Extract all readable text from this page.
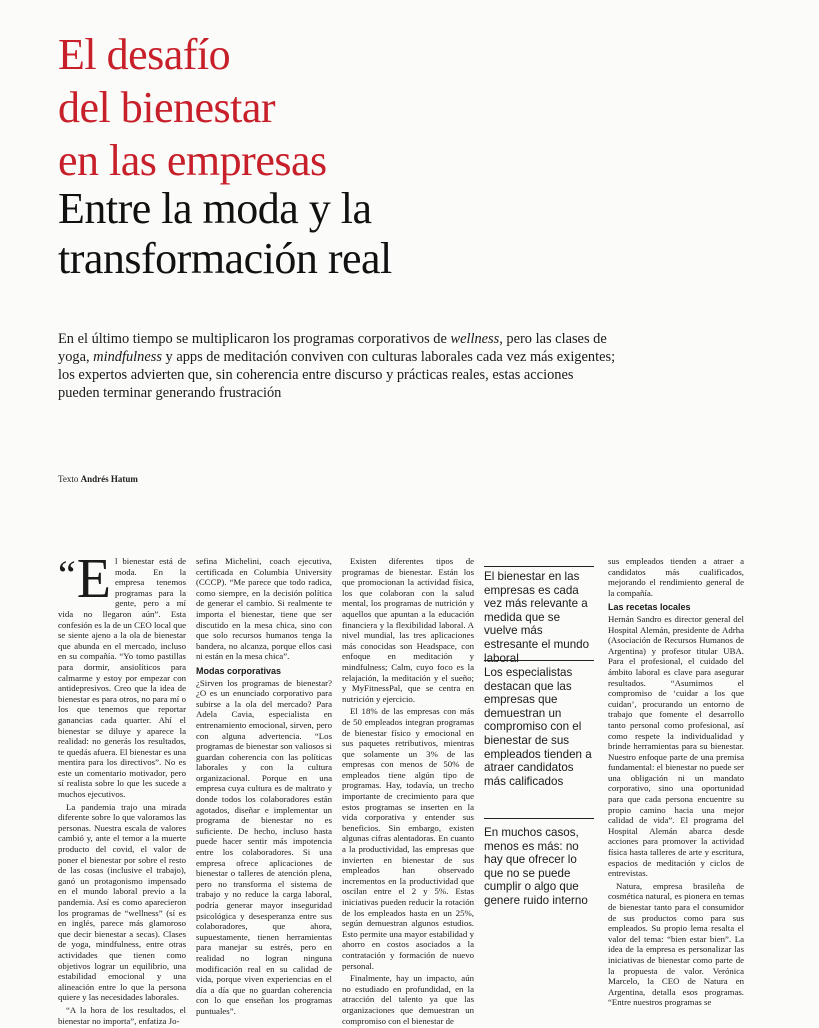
El desafío
del bienestar
en las empresas
Entre la moda y la
transformación real

En el último tiempo se multiplicaron los programas corporativos de wellness, pero las clases de yoga, mindfulness y apps de meditación conviven con culturas laborales cada vez más exigentes; los expertos advierten que, sin coherencia entre discurso y prácticas reales, estas acciones pueden terminar generando frustración

Texto Andrés Hatum

“ E l bienestar está de moda. En la empresa tenemos programas para la gente, pero a mí vida no llegaron aún”. Esta confesión es la de un CEO local que se siente ajeno a la ola de bienestar que abunda en el mercado, incluso en su compañía. “Yo tomo pastillas para dormir, ansiolíticos para calmarme y estoy por empezar con antidepresivos. Creo que la idea de bienestar es para otros, no para mí o los que tenemos que reportar ganancias cada quarter. Ahí el bienestar se diluye y aparece la realidad: no generás los resultados, te quedás afuera. El bienestar es una mentira para los directivos”. No es este un comentario motivador, pero sí realista sobre lo que les sucede a muchos ejecutivos.

La pandemia trajo una mirada diferente sobre lo que valoramos las personas. Nuestra escala de valores cambió y, ante el temor a la muerte producto del covid, el valor de poner el bienestar por sobre el resto de las cosas (inclusive el trabajo), ganó un protagonismo impensado en el mundo laboral previo a la pandemia. Así es como aparecieron los programas de “wellness” (sí es en inglés, parece más glamoroso que decir bienestar a secas). Clases de yoga, mindfulness, entre otras actividades que tienen como objetivos lograr un equilibrio, una estabilidad emocional y una alineación entre lo que la persona quiere y las necesidades laborales.

“A la hora de los resultados, el bienestar no importa”, enfatiza Jo-

sefina Michelini, coach ejecutiva, certificada en Columbia University (CCCP). “Me parece que todo radica, como siempre, en la decisión política de generar el cambio. Si realmente te importa el bienestar, tiene que ser discutido en la mesa chica, sino con que solo recursos humanos tenga la bandera, no alcanza, porque ellos casi ni están en la mesa chica”.

Modas corporativas

¿Sirven los programas de bienestar? ¿O es un enunciado corporativo para subirse a la ola del mercado? Para Adela Cavia, especialista en entrenamiento emocional, sirven, pero con alguna advertencia. “Los programas de bienestar son valiosos si guardan coherencia con las políticas laborales y con la cultura organizacional. Porque en una empresa cuya cultura es de maltrato y donde todos los colaboradores están agotados, diseñar e implementar un programa de bienestar no es suficiente. De hecho, incluso hasta puede hacer sentir más impotencia entre los colaboradores. Si una empresa ofrece aplicaciones de bienestar o talleres de atención plena, pero no transforma el sistema de trabajo y no reduce la carga laboral, podría generar mayor inseguridad psicológica y desesperanza entre sus colaboradores, que ahora, supuestamente, tienen herramientas para manejar su estrés, pero en realidad no logran ninguna modificación real en su calidad de vida, porque viven experiencias en el día a día que no guardan coherencia con lo que enseñan los programas puntuales”.

Existen diferentes tipos de programas de bienestar. Están los que promocionan la actividad física, los que colaboran con la salud mental, los programas de nutrición y aquellos que apuntan a la educación financiera y la flexibilidad laboral. A nivel mundial, las tres aplicaciones más conocidas son Headspace, con enfoque en meditación y mindfulness; Calm, cuyo foco es la relajación, la meditación y el sueño; y MyFitnessPal, que se centra en nutrición y ejercicio.

El 18% de las empresas con más de 50 empleados integran programas de bienestar físico y emocional en sus paquetes retributivos, mientras que solamente un 3% de las empresas con menos de 50% de empleados tiene algún tipo de programas. Hay, todavía, un trecho importante de crecimiento para que estos programas se inserten en la vida corporativa y entender sus beneficios. Sin embargo, existen algunas cifras alentadoras. En cuanto a la productividad, las empresas que invierten en bienestar de sus empleados han observado incrementos en la productividad que oscilan entre el 2 y 5%. Estas iniciativas pueden reducir la rotación de los empleados hasta en un 25%, según demuestran algunos estudios. Esto permite una mayor estabilidad y ahorro en costos asociados a la contratación y formación de nuevo personal.

Finalmente, hay un impacto, aún no estudiado en profundidad, en la atracción del talento ya que las organizaciones que demuestran un compromiso con el bienestar de

El bienestar en las empresas es cada vez más relevante a medida que se vuelve más estresante el mundo laboral

Los especialistas destacan que las empresas que demuestran un compromiso con el bienestar de sus empleados tienden a atraer candidatos más calificados

En muchos casos, menos es más: no hay que ofrecer lo que no se puede cumplir o algo que genere ruido interno

sus empleados tienden a atraer a candidatos más cualificados, mejorando el rendimiento general de la compañía.

Las recetas locales

Hernán Sandro es director general del Hospital Alemán, presidente de Adrha (Asociación de Recursos Humanos de Argentina) y profesor titular UBA. Para el profesional, el cuidado del ámbito laboral es clave para asegurar resultados. “Asumimos el compromiso de ‘cuidar a los que cuidan’, procurando un entorno de trabajo que fomente el desarrollo tanto personal como profesional, así como respete la individualidad y brinde herramientas para su bienestar. Nuestro enfoque parte de una premisa fundamental: el bienestar no puede ser una obligación ni un mandato corporativo, sino una oportunidad para que cada persona encuentre su propio camino hacia una mejor calidad de vida”. El programa del Hospital Alemán abarca desde acciones para promover la actividad física hasta talleres de arte y escritura, espacios de meditación y ciclos de entrevistas.

Natura, empresa brasileña de cosmética natural, es pionera en temas de bienestar tanto para el consumidor de sus productos como para sus empleados. Su propio lema resalta el valor del tema: “bien estar bien”. La idea de la empresa es personalizar las iniciativas de bienestar como parte de la propuesta de valor. Verónica Marcelo, la CEO de Natura en Argentina, detalla esos programas. “Entre nuestros programas se
